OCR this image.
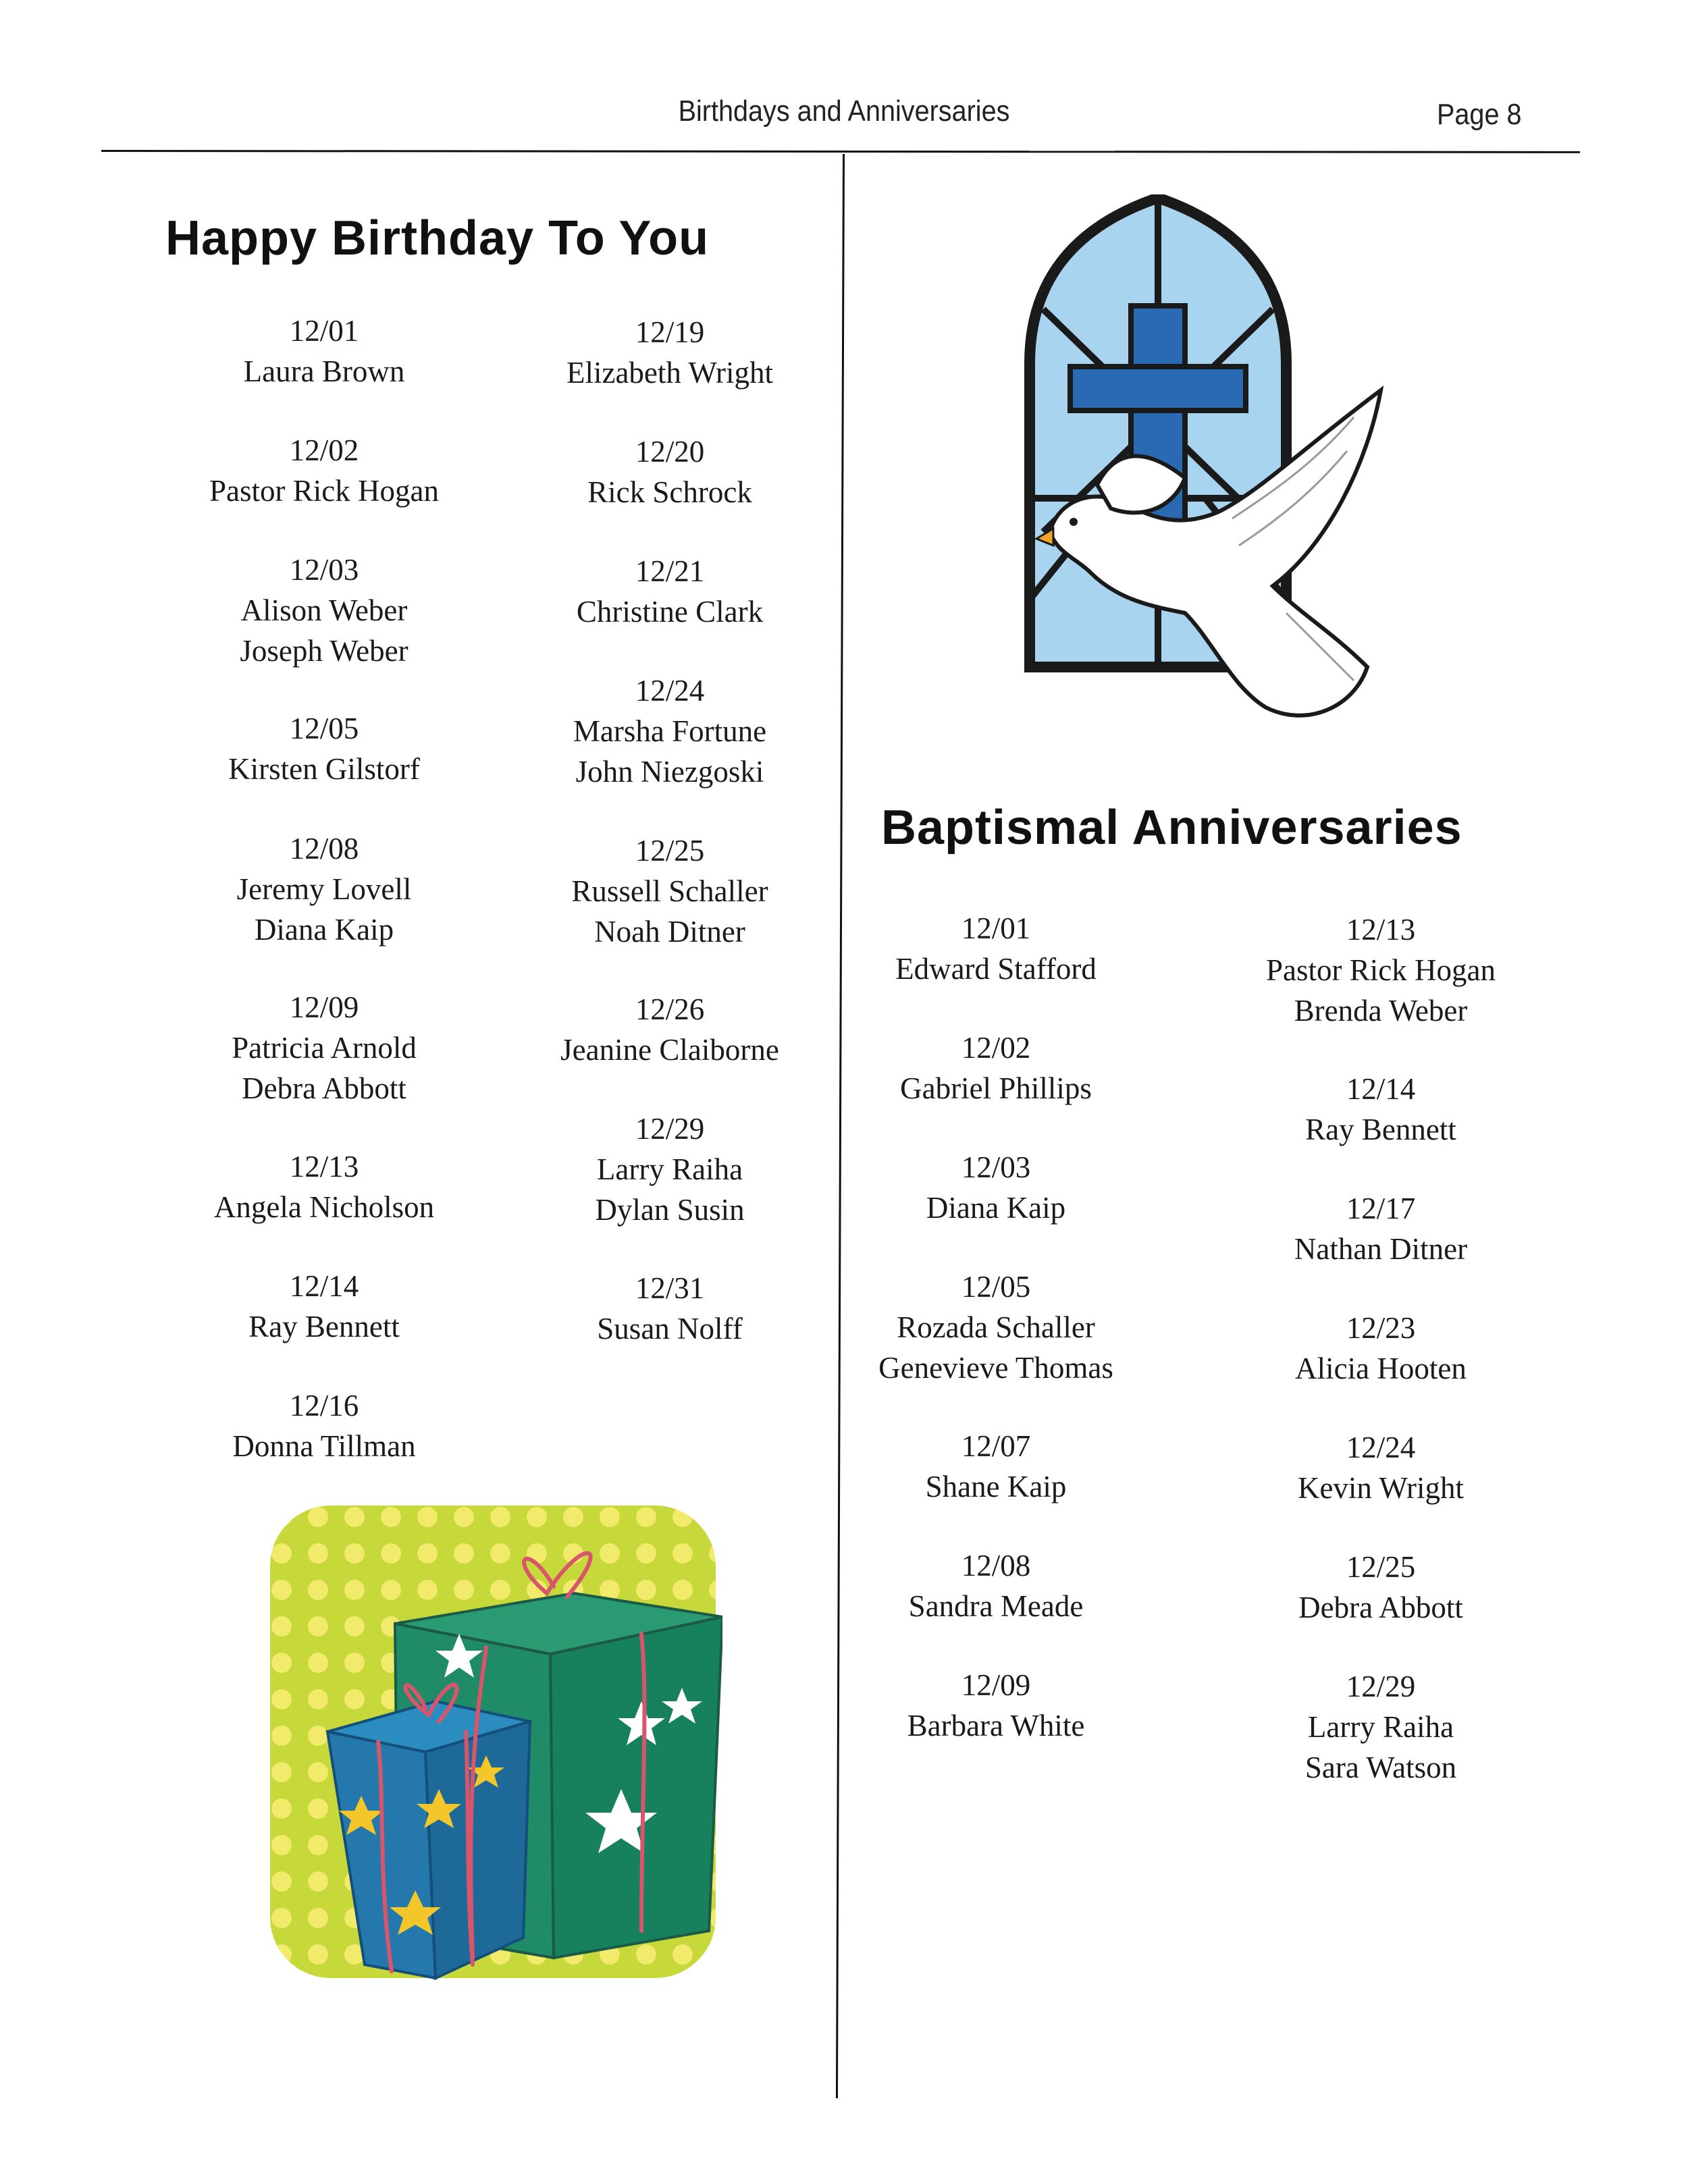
Birthdays and Anniversaries	Page 8
Happy Birthday To You
12/01
Laura Brown
12/02
Pastor Rick Hogan
12/03
Alison Weber
Joseph Weber
12/05
Kirsten Gilstorf
12/08
Jeremy Lovell
Diana Kaip
12/09
Patricia Arnold
Debra Abbott
12/13
Angela Nicholson
12/14
Ray Bennett
12/16
Donna Tillman
12/19
Elizabeth Wright
12/20
Rick Schrock
12/21
Christine Clark
12/24
Marsha Fortune
John Niezgoski
12/25
Russell Schaller
Noah Ditner
12/26
Jeanine Claiborne
12/29
Larry Raiha
Dylan Susin
12/31
Susan Nolff
Baptismal Anniversaries
12/01
Edward Stafford
12/02
Gabriel Phillips
12/03
Diana Kaip
12/05
Rozada Schaller
Genevieve Thomas
12/07
Shane Kaip
12/08
Sandra Meade
12/09
Barbara White
12/13
Pastor Rick Hogan
Brenda Weber
12/14
Ray Bennett
12/17
Nathan Ditner
12/23
Alicia Hooten
12/24
Kevin Wright
12/25
Debra Abbott
12/29
Larry Raiha
Sara Watson
